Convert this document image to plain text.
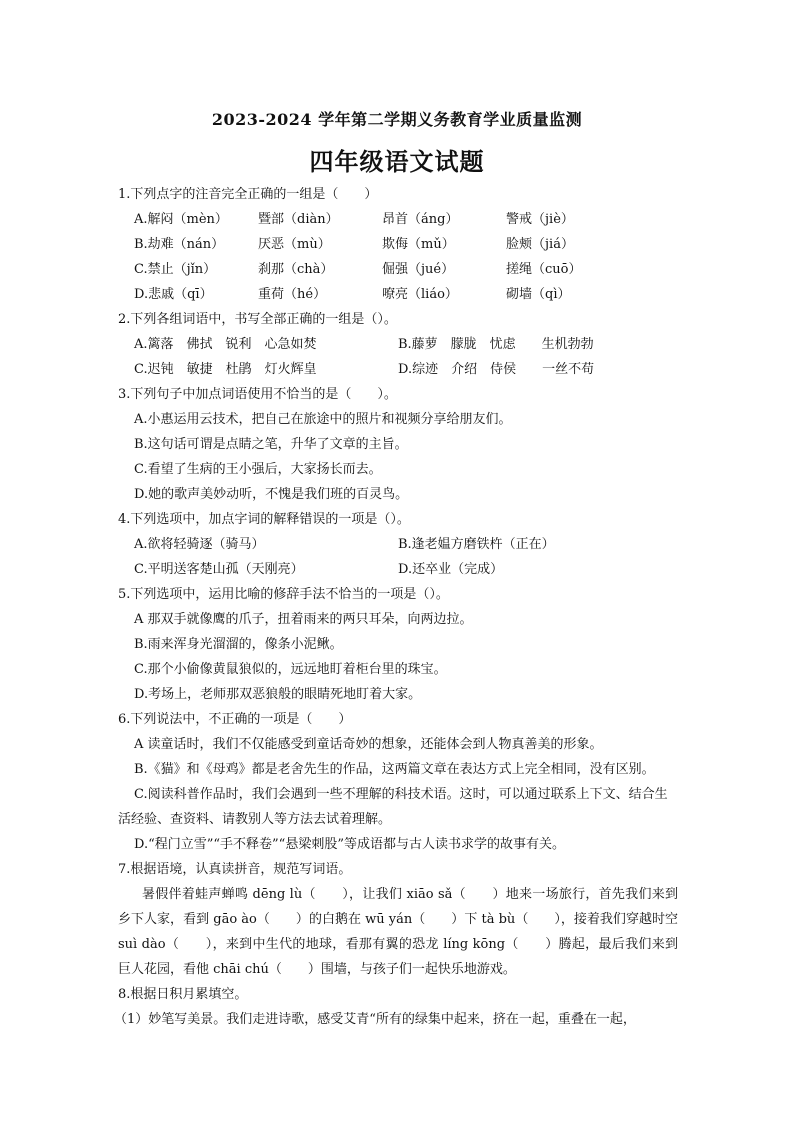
2023-2024 学年第二学期义务教育学业质量监测
四年级语文试题
1.下列点字的注音完全正确的一组是（　　）
A.解闷（mèn）	暨部（diàn）	昂首（áng）	警戒（jiè）
B.劫难（nán）	厌恶（mù）	欺侮（mǔ）	脸颊（jiá）
C.禁止（jǐn）	刹那（chà）	倔强（jué）	搓绳（cuō）
D.悲戚（qī）	重荷（hé）	嘹亮（liáo）	砌墙（qì）
2.下列各组词语中，书写全部正确的一组是（）。
A.篱落　佛拭　锐利　心急如焚	B.藤萝　朦胧　忧虑　　生机勃勃
C.迟钝　敏捷　杜鹃　灯火辉皇	D.综迹　介绍　侍侯　　一丝不苟
3.下列句子中加点词语使用不恰当的是（　　）。
A.小惠运用云技术，把自己在旅途中的照片和视频分享给朋友们。
B.这句话可谓是点睛之笔，升华了文章的主旨。
C.看望了生病的王小强后，大家扬长而去。
D.她的歌声美妙动听，不愧是我们班的百灵鸟。
4.下列选项中，加点字词的解释错误的一项是（）。
A.欲将轻骑逐（骑马）	B.逢老媪方磨铁杵（正在）
C.平明送客楚山孤（天刚亮）	D.还卒业（完成）
5.下列选项中，运用比喻的修辞手法不恰当的一项是（）。
A 那双手就像鹰的爪子，扭着雨来的两只耳朵，向两边拉。
B.雨来浑身光溜溜的，像条小泥鳅。
C.那个小偷像黄鼠狼似的，远远地盯着柜台里的珠宝。
D.考场上，老师那双恶狼般的眼睛死地盯着大家。
6.下列说法中，不正确的一项是（　　）
A 读童话时，我们不仅能感受到童话奇妙的想象，还能体会到人物真善美的形象。
B.《猫》和《母鸡》都是老舍先生的作品，这两篇文章在表达方式上完全相同，没有区别。
C.阅读科普作品时，我们会遇到一些不理解的科技术语。这时，可以通过联系上下文、结合生活经验、查资料、请教别人等方法去试着理解。
D.“程门立雪”“手不释卷”“悬梁刺股”等成语都与古人读书求学的故事有关。
7.根据语境，认真读拼音，规范写词语。
暑假伴着蛙声蝉鸣 dēng lù（　　），让我们 xiāo sǎ（　　）地来一场旅行，首先我们来到乡下人家，看到 gāo ào（　　）的白鹅在 wū yán（　　）下 tà bù（　　），接着我们穿越时空 suì dào（　　），来到中生代的地球，看那有翼的恐龙 líng kōng（　　）腾起，最后我们来到巨人花园，看他 chāi chú（　　）围墙，与孩子们一起快乐地游戏。
8.根据日积月累填空。
（1）妙笔写美景。我们走进诗歌，感受艾青“所有的绿集中起来，挤在一起，重叠在一起，
